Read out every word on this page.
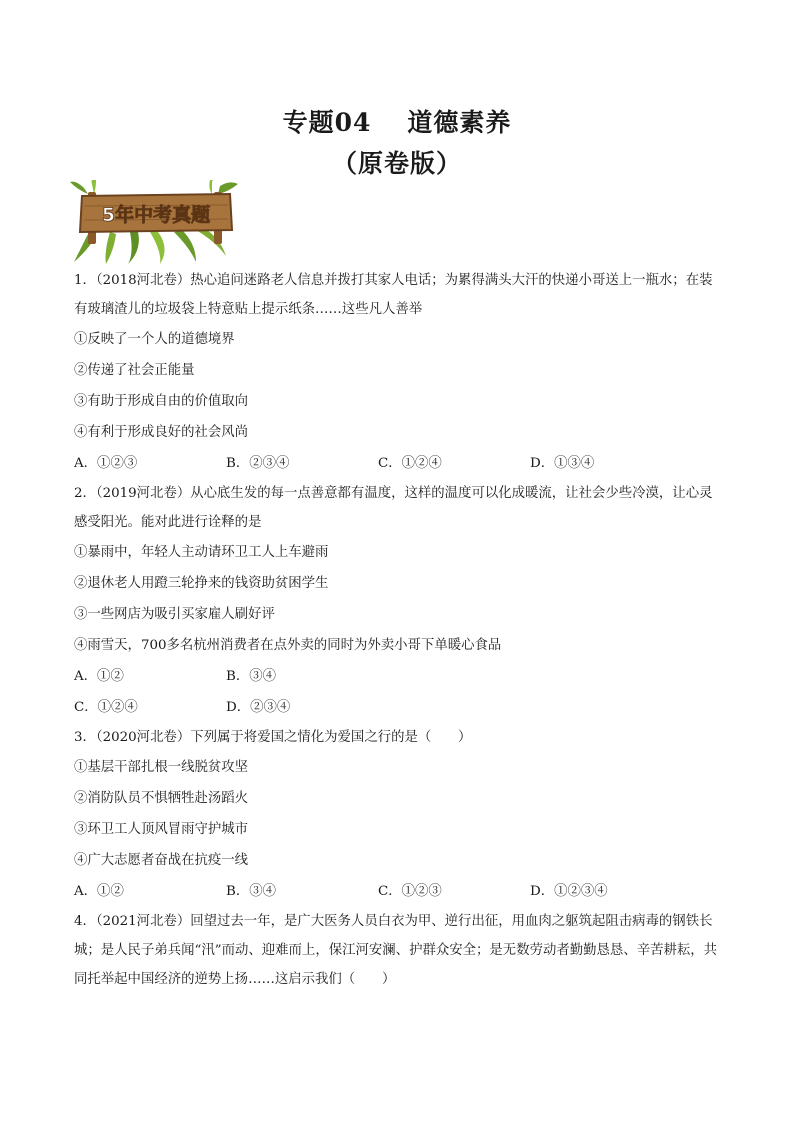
专题04 道德素养
（原卷版）
5年中考真题

1．（2018河北卷）热心追问迷路老人信息并拨打其家人电话；为累得满头大汗的快递小哥送上一瓶水；在装有玻璃渣儿的垃圾袋上特意贴上提示纸条……这些凡人善举

①反映了一个人的道德境界
②传递了社会正能量
③有助于形成自由的价值取向
④有利于形成良好的社会风尚
A．①②③	B．②③④	C．①②④	D．①③④

2．（2019河北卷）从心底生发的每一点善意都有温度，这样的温度可以化成暖流，让社会少些冷漠，让心灵感受阳光。能对此进行诠释的是

①暴雨中，年轻人主动请环卫工人上车避雨
②退休老人用蹬三轮挣来的钱资助贫困学生
③一些网店为吸引买家雇人刷好评
④雨雪天，700多名杭州消费者在点外卖的同时为外卖小哥下单暖心食品
A．①②	B．③④
C．①②④	D．②③④

3．（2020河北卷）下列属于将爱国之情化为爱国之行的是（　　）

①基层干部扎根一线脱贫攻坚
②消防队员不惧牺牲赴汤蹈火
③环卫工人顶风冒雨守护城市
④广大志愿者奋战在抗疫一线
A．①②	B．③④	C．①②③	D．①②③④

4．（2021河北卷）回望过去一年，是广大医务人员白衣为甲、逆行出征，用血肉之躯筑起阻击病毒的钢铁长城；是人民子弟兵闻“汛”而动、迎难而上，保江河安澜、护群众安全；是无数劳动者勤勤恳恳、辛苦耕耘，共同托举起中国经济的逆势上扬……这启示我们（　　）
